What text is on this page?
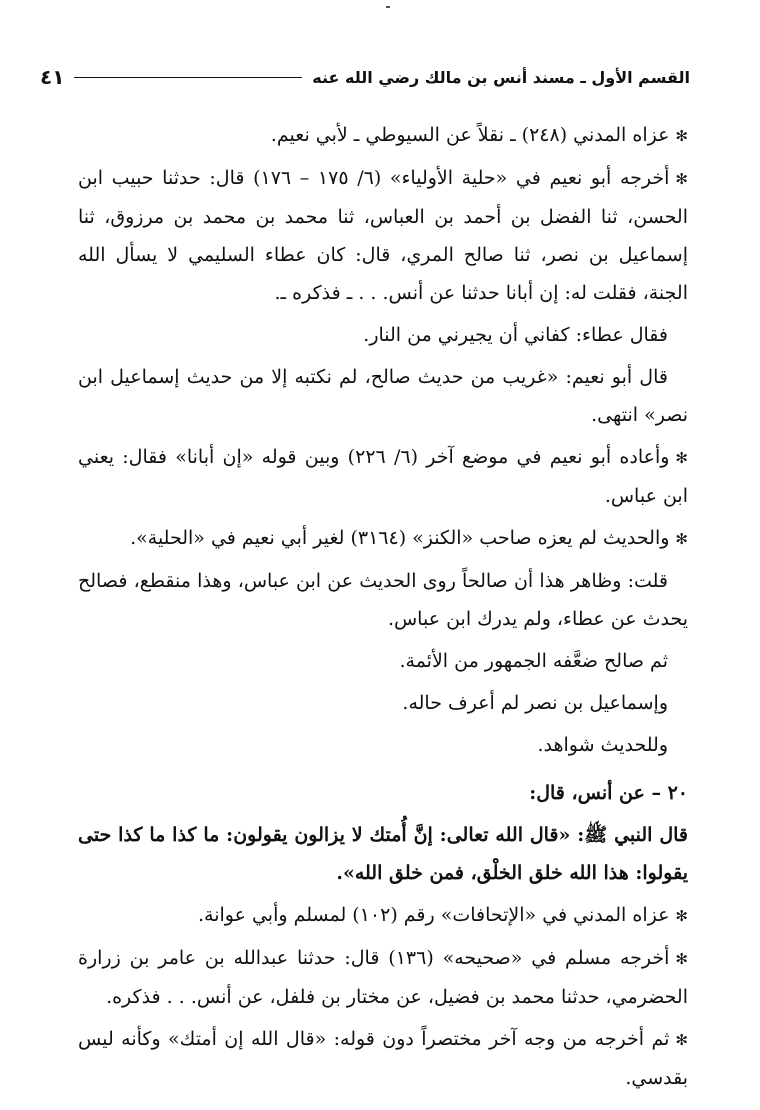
القسم الأول ـ مسند أنس بن مالك رضي الله عنه
٤١

✻ عزاه المدني (٢٤٨) ـ نقلاً عن السيوطي ـ لأبي نعيم.

✻ أخرجه أبو نعيم في «حلية الأولياء» (٦/ ١٧٥ – ١٧٦) قال: حدثنا حبيب ابن الحسن، ثنا الفضل بن أحمد بن العباس، ثنا محمد بن محمد بن مرزوق، ثنا إسماعيل بن نصر، ثنا صالح المري، قال: كان عطاء السليمي لا يسأل الله الجنة، فقلت له: إن أبانا حدثنا عن أنس. . . ـ فذكره ـ.

فقال عطاء: كفاني أن يجيرني من النار.

قال أبو نعيم: «غريب من حديث صالح، لم نكتبه إلا من حديث إسماعيل ابن نصر» انتهى.

✻ وأعاده أبو نعيم في موضع آخر (٦/ ٢٢٦) وبين قوله «إن أبانا» فقال: يعني ابن عباس.

✻ والحديث لم يعزه صاحب «الكنز» (٣١٦٤) لغير أبي نعيم في «الحلية».

قلت: وظاهر هذا أن صالحاً روى الحديث عن ابن عباس، وهذا منقطع، فصالح يحدث عن عطاء، ولم يدرك ابن عباس.

ثم صالح ضعَّفه الجمهور من الأئمة.

وإسماعيل بن نصر لم أعرف حاله.

وللحديث شواهد.

٢٠ – عن أنس، قال:

قال النبي ﷺ: «قال الله تعالى: إنَّ أُمتك لا يزالون يقولون: ما كذا ما كذا حتى يقولوا: هذا الله خلق الخلْق، فمن خلق الله».

✻ عزاه المدني في «الإتحافات» رقم (١٠٢) لمسلم وأبي عوانة.

✻ أخرجه مسلم في «صحيحه» (١٣٦) قال: حدثنا عبدالله بن عامر بن زرارة الحضرمي، حدثنا محمد بن فضيل، عن مختار بن فلفل، عن أنس. . . فذكره.

✻ ثم أخرجه من وجه آخر مختصراً دون قوله: «قال الله إن أمتك» وكأنه ليس بقدسي.
